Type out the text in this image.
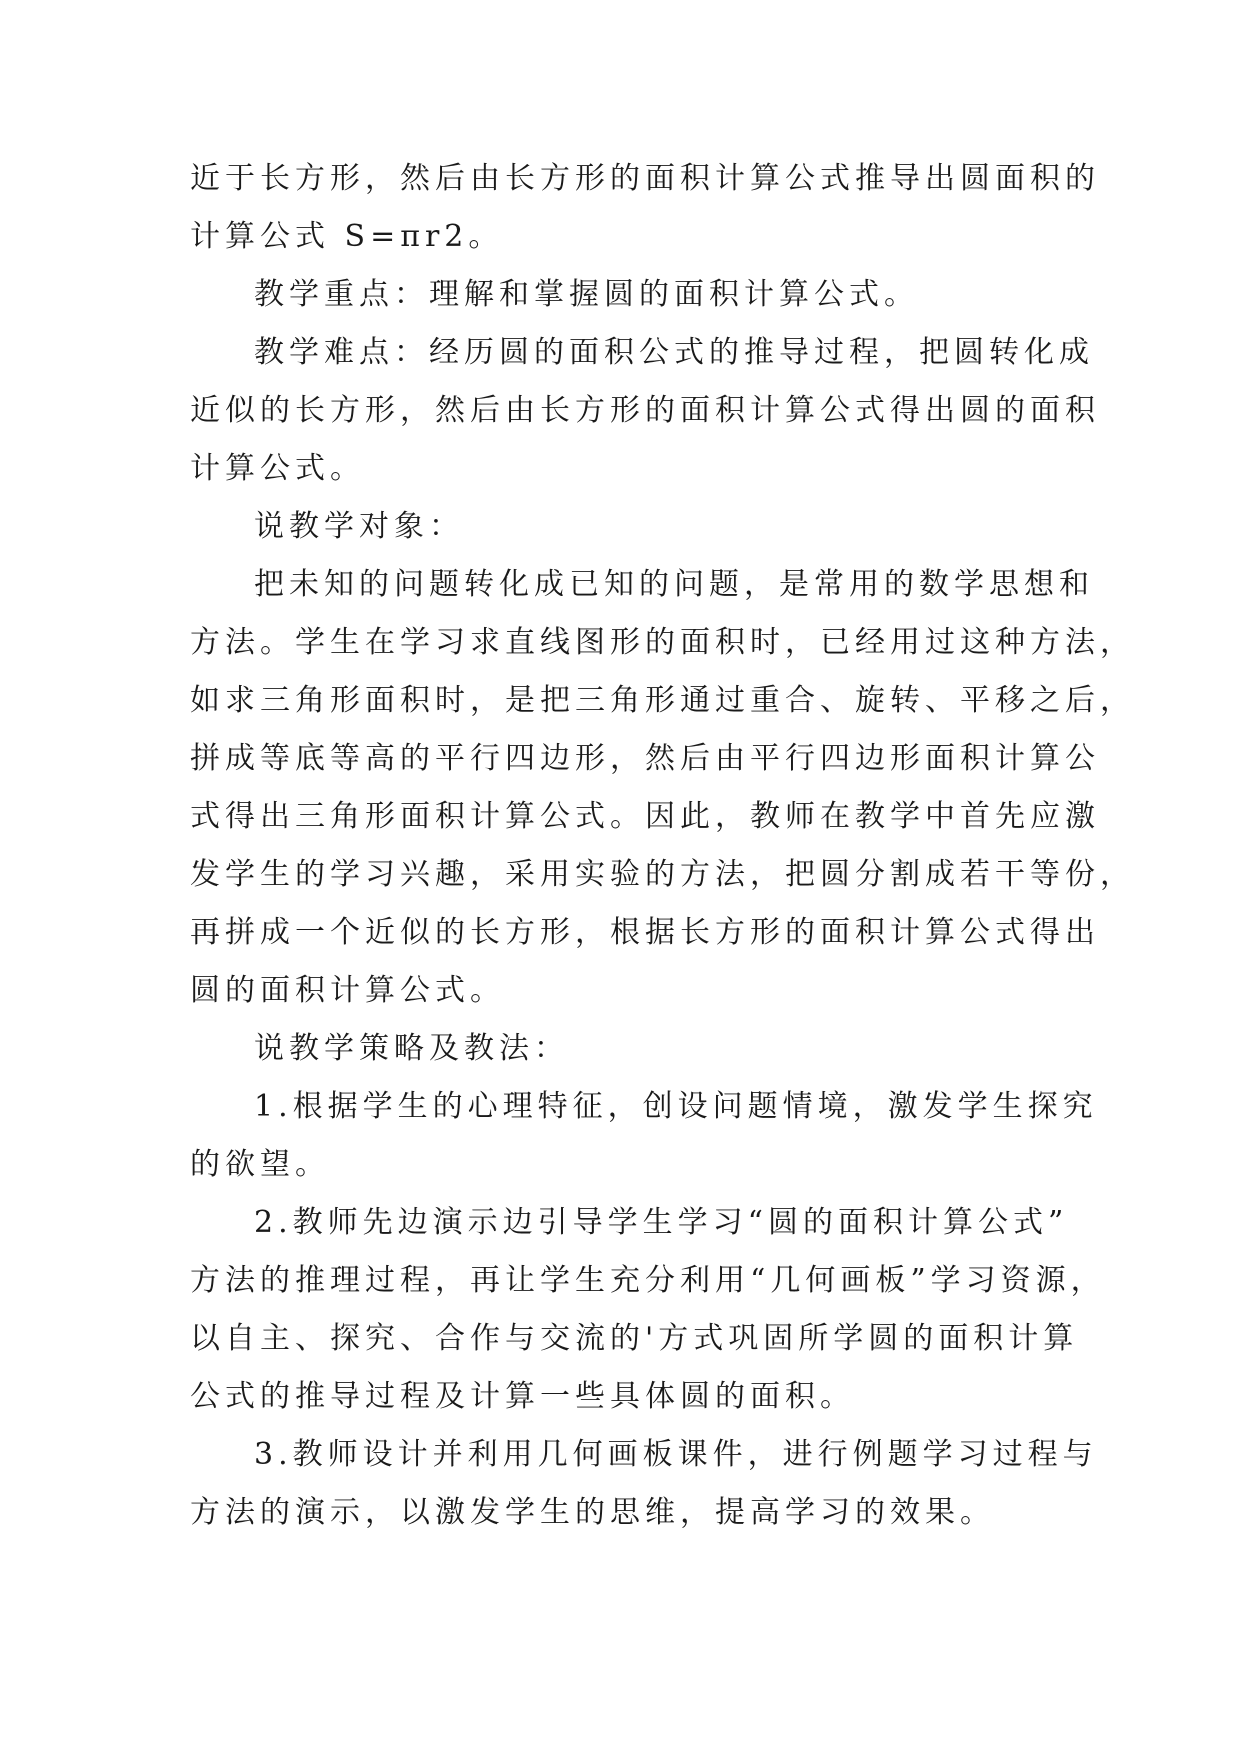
近于长方形，然后由长方形的面积计算公式推导出圆面积的
计算公式 S=πr2。
教学重点：理解和掌握圆的面积计算公式。
教学难点：经历圆的面积公式的推导过程，把圆转化成
近似的长方形，然后由长方形的面积计算公式得出圆的面积
计算公式。
说教学对象：
把未知的问题转化成已知的问题，是常用的数学思想和
方法。学生在学习求直线图形的面积时，已经用过这种方法，
如求三角形面积时，是把三角形通过重合、旋转、平移之后，
拼成等底等高的平行四边形，然后由平行四边形面积计算公
式得出三角形面积计算公式。因此，教师在教学中首先应激
发学生的学习兴趣，采用实验的方法，把圆分割成若干等份，
再拼成一个近似的长方形，根据长方形的面积计算公式得出
圆的面积计算公式。
说教学策略及教法：
1.根据学生的心理特征，创设问题情境，激发学生探究
的欲望。
2.教师先边演示边引导学生学习“圆的面积计算公式”
方法的推理过程，再让学生充分利用“几何画板”学习资源，
以自主、探究、合作与交流的'方式巩固所学圆的面积计算
公式的推导过程及计算一些具体圆的面积。
3.教师设计并利用几何画板课件，进行例题学习过程与
方法的演示，以激发学生的思维，提高学习的效果。
